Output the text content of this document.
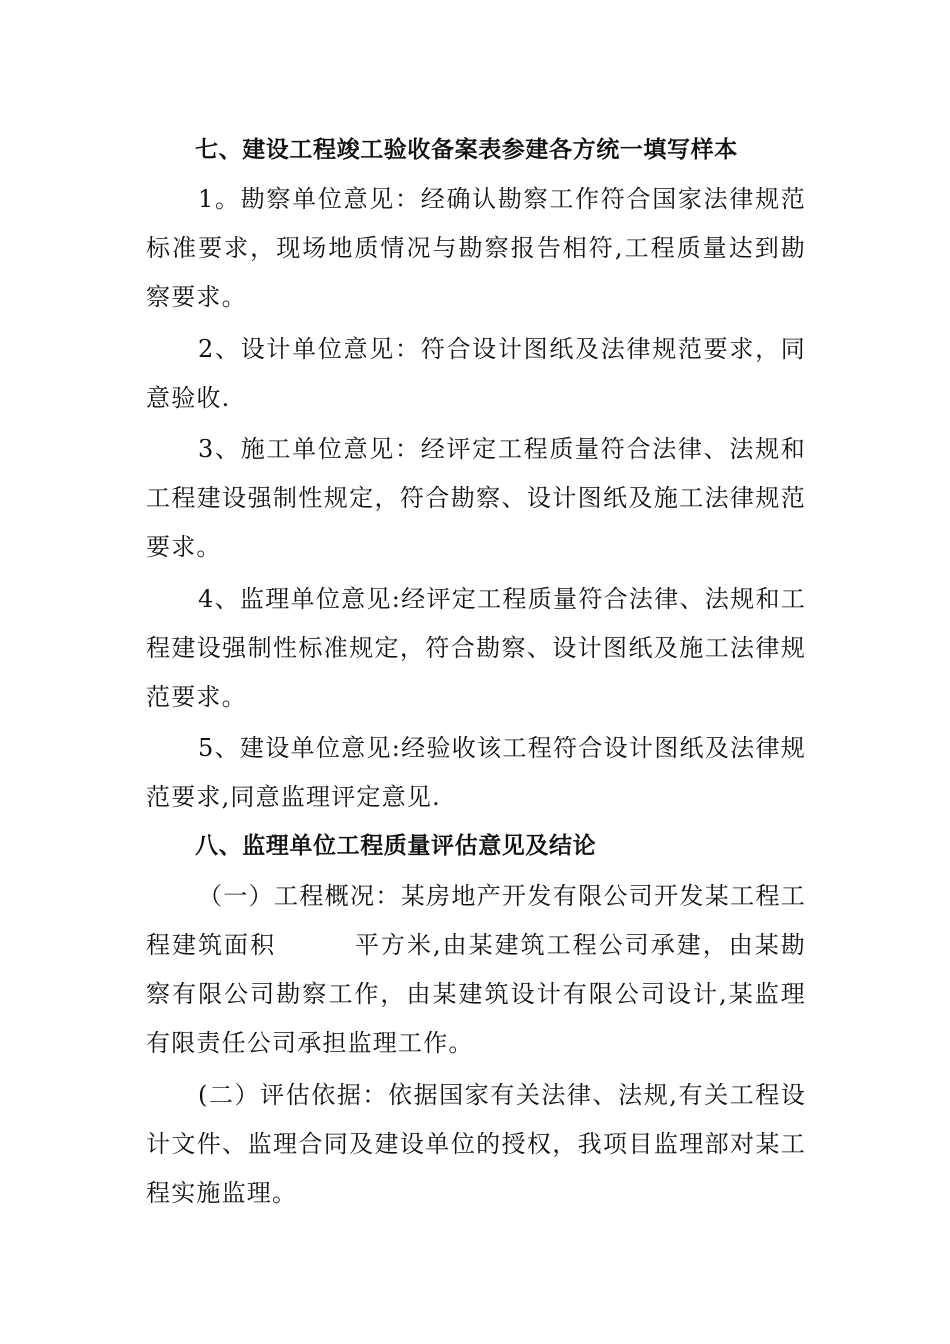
七、建设工程竣工验收备案表参建各方统一填写样本

1。勘察单位意见：经确认勘察工作符合国家法律规范标准要求，现场地质情况与勘察报告相符,工程质量达到勘察要求。

2、设计单位意见：符合设计图纸及法律规范要求，同意验收.

3、施工单位意见：经评定工程质量符合法律、法规和工程建设强制性规定，符合勘察、设计图纸及施工法律规范要求。

4、监理单位意见:经评定工程质量符合法律、法规和工程建设强制性标准规定，符合勘察、设计图纸及施工法律规范要求。

5、建设单位意见:经验收该工程符合设计图纸及法律规范要求,同意监理评定意见.

八、监理单位工程质量评估意见及结论

（一）工程概况：某房地产开发有限公司开发某工程工程建筑面积	平方米,由某建筑工程公司承建，由某勘察有限公司勘察工作，由某建筑设计有限公司设计,某监理有限责任公司承担监理工作。

(二）评估依据：依据国家有关法律、法规,有关工程设计文件、监理合同及建设单位的授权，我项目监理部对某工程实施监理。
